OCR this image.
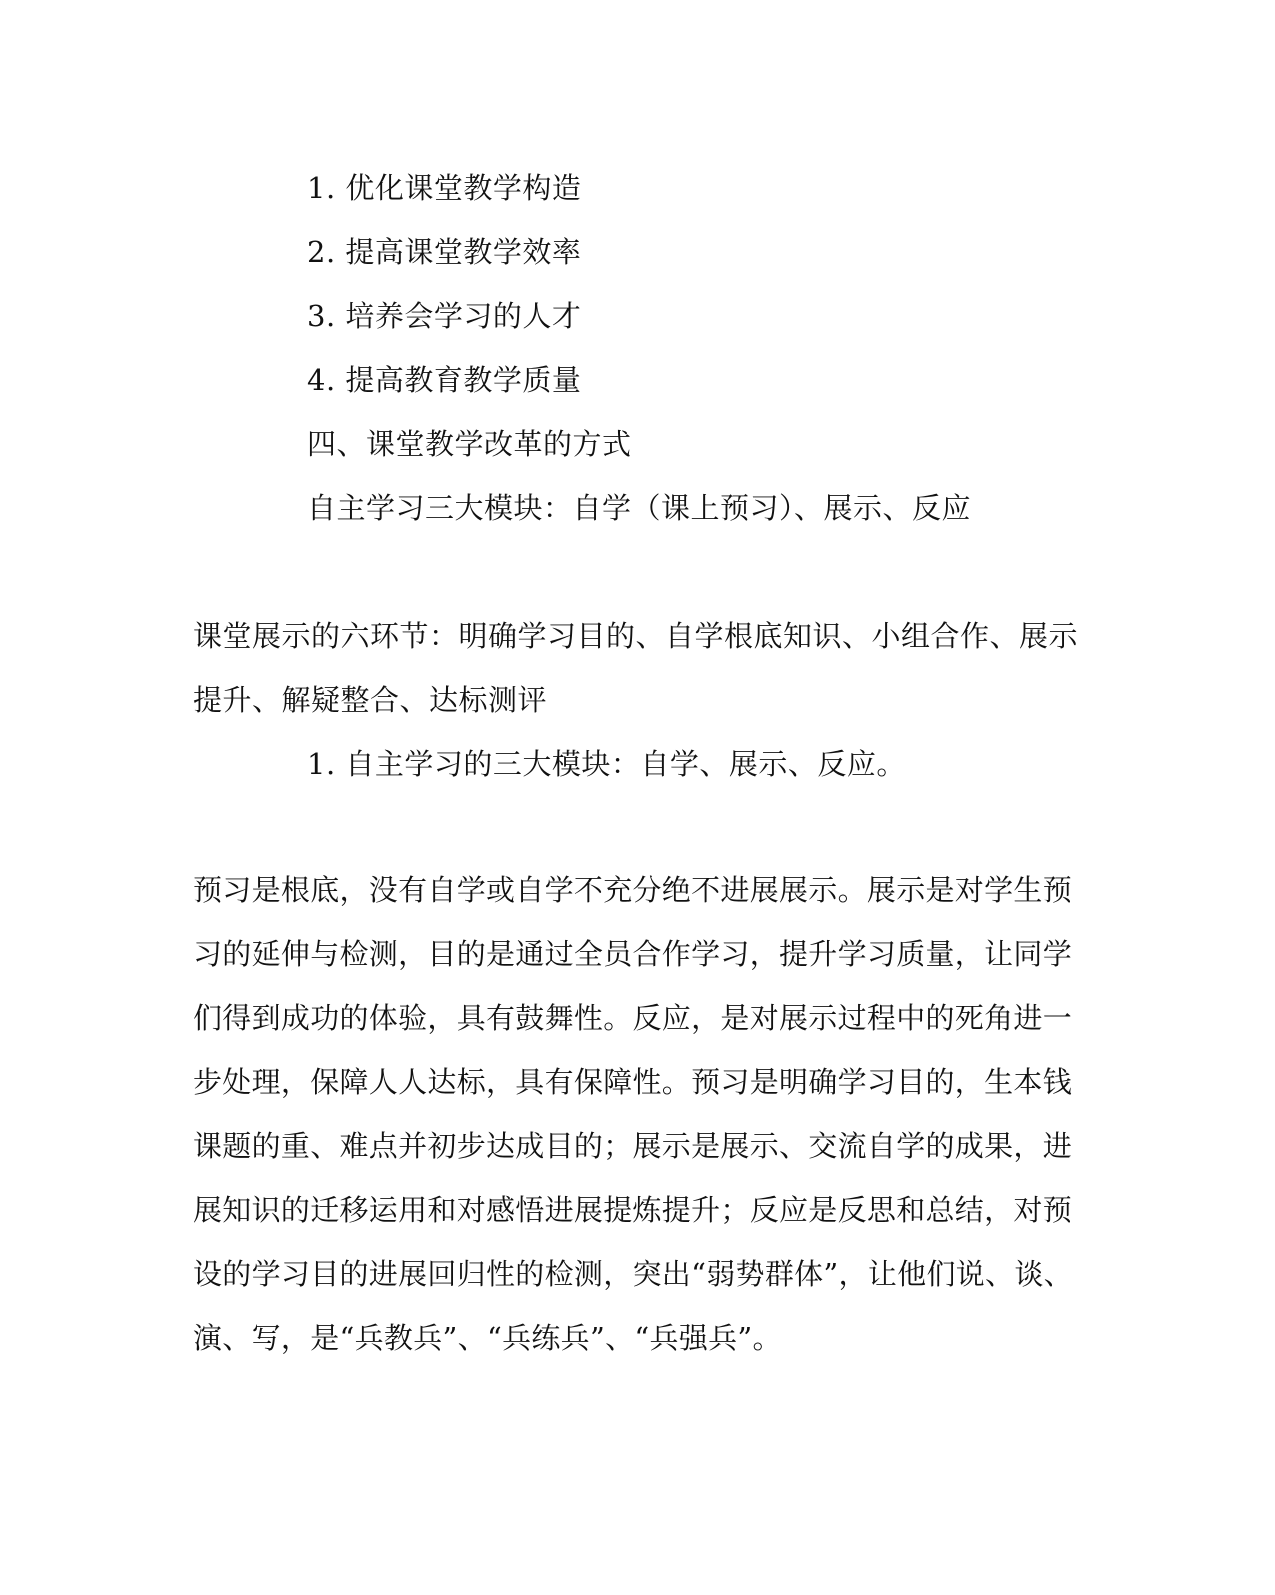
1. 优化课堂教学构造
2. 提高课堂教学效率
3. 培养会学习的人才
4. 提高教育教学质量
四、课堂教学改革的方式
自主学习三大模块：自学（课上预习）、展示、反应
课堂展示的六环节：明确学习目的、自学根底知识、小组合作、展示
提升、解疑整合、达标测评
1. 自主学习的三大模块：自学、展示、反应。
预习是根底，没有自学或自学不充分绝不进展展示。展示是对学生预
习的延伸与检测，目的是通过全员合作学习，提升学习质量，让同学
们得到成功的体验，具有鼓舞性。反应，是对展示过程中的死角进一
步处理，保障人人达标，具有保障性。预习是明确学习目的，生本钱
课题的重、难点并初步达成目的；展示是展示、交流自学的成果，进
展知识的迁移运用和对感悟进展提炼提升；反应是反思和总结，对预
设的学习目的进展回归性的检测，突出“弱势群体”，让他们说、谈、
演、写，是“兵教兵”、“兵练兵”、“兵强兵”。
